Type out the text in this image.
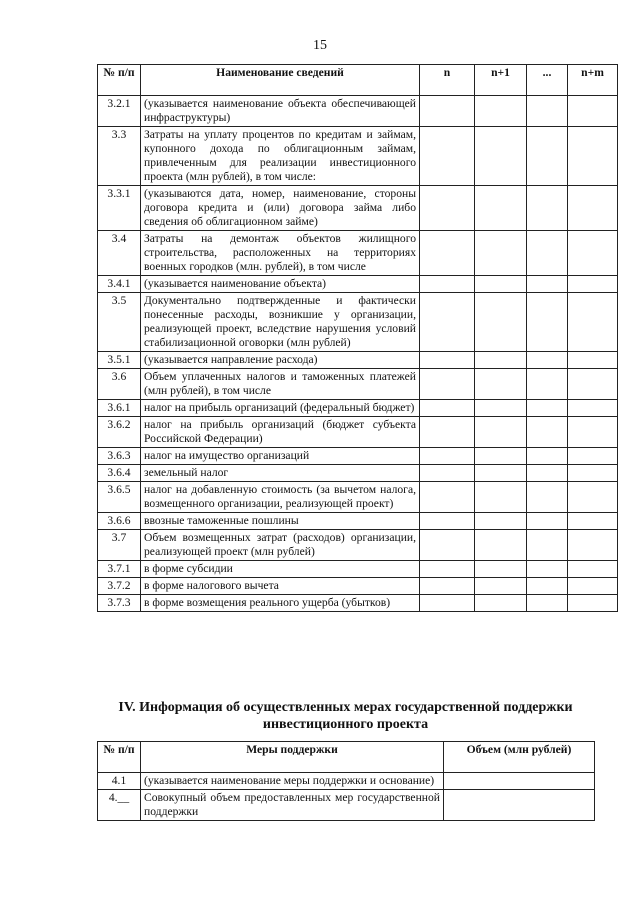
15
№ п/п	Наименование сведений	n	n+1	...	n+m
3.2.1	(указывается наименование объекта обеспечивающей инфраструктуры)				
3.3	Затраты на уплату процентов по кредитам и займам, купонного дохода по облигационным займам, привлеченным для реализации инвестиционного проекта (млн рублей), в том числе:				
3.3.1	(указываются дата, номер, наименование, стороны договора кредита и (или) договора займа либо сведения об облигационном займе)				
3.4	Затраты на демонтаж объектов жилищного строительства, расположенных на территориях военных городков (млн. рублей), в том числе				
3.4.1	(указывается наименование объекта)				
3.5	Документально подтвержденные и фактически понесенные расходы, возникшие у организации, реализующей проект, вследствие нарушения условий стабилизационной оговорки (млн рублей)				
3.5.1	(указывается направление расхода)				
3.6	Объем уплаченных налогов и таможенных платежей (млн рублей), в том числе				
3.6.1	налог на прибыль организаций (федеральный бюджет)				
3.6.2	налог на прибыль организаций (бюджет субъекта Российской Федерации)				
3.6.3	налог на имущество организаций				
3.6.4	земельный налог				
3.6.5	налог на добавленную стоимость (за вычетом налога, возмещенного организации, реализующей проект)				
3.6.6	ввозные таможенные пошлины				
3.7	Объем возмещенных затрат (расходов) организации, реализующей проект (млн рублей)				
3.7.1	в форме субсидии				
3.7.2	в форме налогового вычета				
3.7.3	в форме возмещения реального ущерба (убытков)				
IV. Информация об осуществленных мерах государственной поддержки инвестиционного проекта
№ п/п	Меры поддержки	Объем (млн рублей)
4.1	(указывается наименование меры поддержки и основание)	
4.__	Совокупный объем предоставленных мер государственной поддержки	
